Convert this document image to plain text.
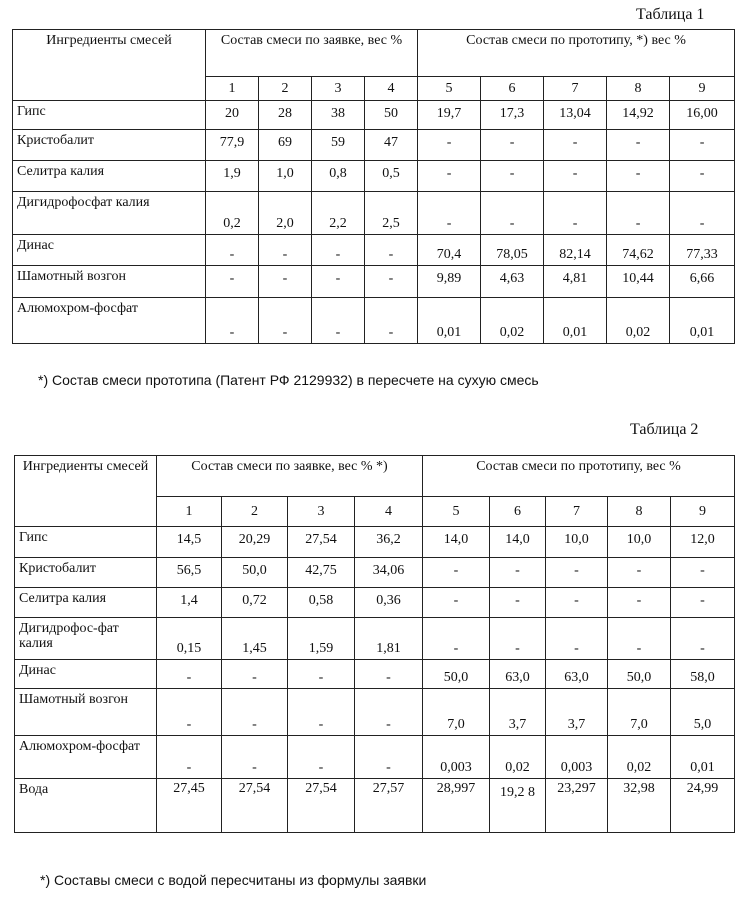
Таблица 1
Ингредиенты смесей	Состав смеси по заявке, вес %				Состав смеси по прототипу, *) вес %				
	1	2	3	4	5	6	7	8	9
Гипс	20	28	38	50	19,7	17,3	13,04	14,92	16,00
Кристобалит	77,9	69	59	47	-	-	-	-	-
Селитра калия	1,9	1,0	0,8	0,5	-	-	-	-	-
Дигидрофосфат калия	0,2	2,0	2,2	2,5	-	-	-	-	-
Динас	-	-	-	-	70,4	78,05	82,14	74,62	77,33
Шамотный возгон	-	-	-	-	9,89	4,63	4,81	10,44	6,66
Алюмохром-фосфат	-	-	-	-	0,01	0,02	0,01	0,02	0,01
*) Состав смеси прототипа (Патент РФ 2129932) в пересчете на сухую смесь
Таблица 2
Ингредиенты смесей	Состав смеси по заявке, вес % *)				Состав смеси по прототипу, вес %				
	1	2	3	4	5	6	7	8	9
Гипс	14,5	20,29	27,54	36,2	14,0	14,0	10,0	10,0	12,0
Кристобалит	56,5	50,0	42,75	34,06	-	-	-	-	-
Селитра калия	1,4	0,72	0,58	0,36	-	-	-	-	-
Дигидрофос-фат калия	0,15	1,45	1,59	1,81	-	-	-	-	-
Динас	-	-	-	-	50,0	63,0	63,0	50,0	58,0
Шамотный возгон	-	-	-	-	7,0	3,7	3,7	7,0	5,0
Алюмохром-фосфат	-	-	-	-	0,003	0,02	0,003	0,02	0,01
Вода	27,45	27,54	27,54	27,57	28,997	19,2 8	23,297	32,98	24,99
*) Составы смеси с водой пересчитаны из формулы заявки
